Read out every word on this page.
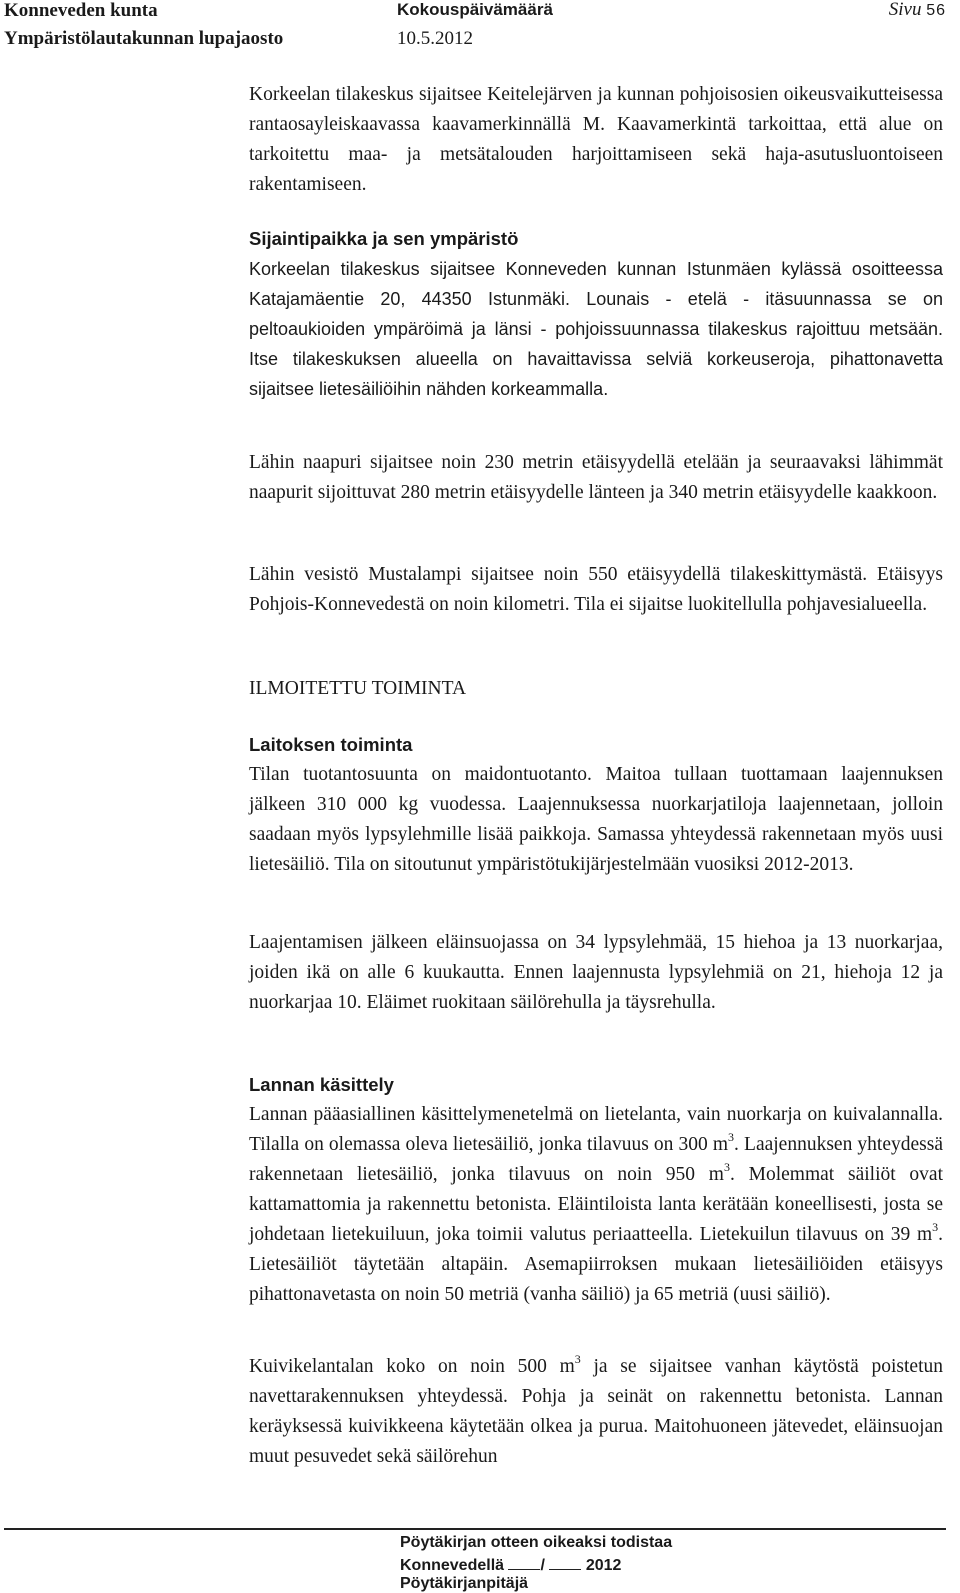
Konneveden kunta
Ympäristölautakunnan lupajaosto
Kokouspäivämäärä
10.5.2012
Sivu 56

Korkeelan tilakeskus sijaitsee Keitelejärven ja kunnan pohjoisosien oikeusvaikutteisessa rantaosayleiskaavassa kaavamerkinnällä M. Kaavamerkintä tarkoittaa, että alue on tarkoitettu maa- ja metsätalouden harjoittamiseen sekä haja-asutusluontoiseen rakentamiseen.

Sijaintipaikka ja sen ympäristö

Korkeelan tilakeskus sijaitsee Konneveden kunnan Istunmäen kylässä osoitteessa Katajamäentie 20, 44350 Istunmäki. Lounais - etelä - itäsuunnassa se on peltoaukioiden ympäröimä ja länsi - pohjoissuunnassa tilakeskus rajoittuu metsään. Itse tilakeskuksen alueella on havaittavissa selviä korkeuseroja, pihattonavetta sijaitsee lietesäiliöihin nähden korkeammalla.

Lähin naapuri sijaitsee noin 230 metrin etäisyydellä etelään ja seuraavaksi lähimmät naapurit sijoittuvat 280 metrin etäisyydelle länteen ja 340 metrin etäisyydelle kaakkoon.

Lähin vesistö Mustalampi sijaitsee noin 550 etäisyydellä tilakeskittymästä. Etäisyys Pohjois-Konnevedestä on noin kilometri. Tila ei sijaitse luokitellulla pohjavesialueella.

ILMOITETTU TOIMINTA

Laitoksen toiminta

Tilan tuotantosuunta on maidontuotanto. Maitoa tullaan tuottamaan laajennuksen jälkeen 310 000 kg vuodessa. Laajennuksessa nuorkarjatiloja laajennetaan, jolloin saadaan myös lypsylehmille lisää paikkoja. Samassa yhteydessä rakennetaan myös uusi lietesäiliö. Tila on sitoutunut ympäristötukijärjestelmään vuosiksi 2012-2013.

Laajentamisen jälkeen eläinsuojassa on 34 lypsylehmää, 15 hiehoa ja 13 nuorkarjaa, joiden ikä on alle 6 kuukautta. Ennen laajennusta lypsylehmiä on 21, hiehoja 12 ja nuorkarjaa 10. Eläimet ruokitaan säilörehulla ja täysrehulla.

Lannan käsittely

Lannan pääasiallinen käsittelymenetelmä on lietelanta, vain nuorkarja on kuivalannalla. Tilalla on olemassa oleva lietesäiliö, jonka tilavuus on 300 $m^3$. Laajennuksen yhteydessä rakennetaan lietesäiliö, jonka tilavuus on noin 950 $m^3$. Molemmat säiliöt ovat kattamattomia ja rakennettu betonista. Eläintiloista lanta kerätään koneellisesti, josta se johdetaan lietekuiluun, joka toimii valutus periaatteella. Lietekuilun tilavuus on 39 $m^3$. Lietesäiliöt täytetään altapäin. Asemapiirroksen mukaan lietesäiliöiden etäisyys pihattonavetasta on noin 50 metriä (vanha säiliö) ja 65 metriä (uusi säiliö).

Kuivikelantalan koko on noin 500 $m^3$ ja se sijaitsee vanhan käytöstä poistetun navettarakennuksen yhteydessä. Pohja ja seinät on rakennettu betonista. Lannan keräyksessä kuivikkeena käytetään olkea ja purua. Maitohuoneen jätevedet, eläinsuojan muut pesuvedet sekä säilörehun

Pöytäkirjan otteen oikeaksi todistaa
Konnevedellä /	2012
Pöytäkirjanpitäjä
